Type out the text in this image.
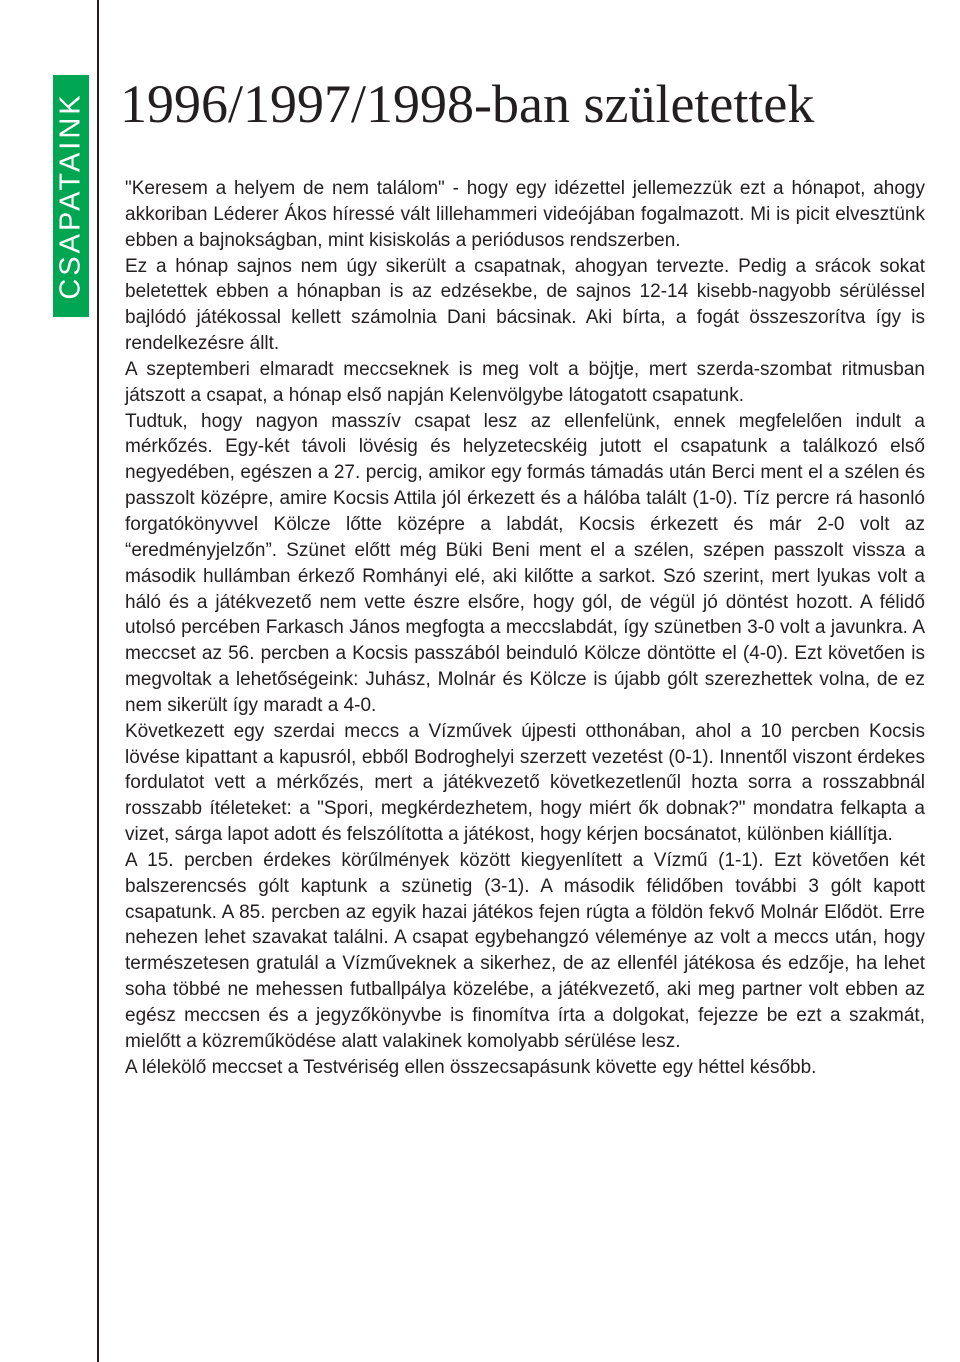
CSAPATAINK 1996/1997/1998-ban születettek

"Keresem a helyem de nem találom" - hogy egy idézettel jellemezzük ezt a hónapot, ahogy akkoriban Léderer Ákos híressé vált lillehammeri videójában fogalmazott. Mi is picit elvesztünk ebben a bajnokságban, mint kisiskolás a periódusos rendszerben.

Ez a hónap sajnos nem úgy sikerült a csapatnak, ahogyan tervezte. Pedig a srácok sokat beletettek ebben a hónapban is az edzésekbe, de sajnos 12-14 kisebb-nagyobb sérüléssel bajlódó játékossal kellett számolnia Dani bácsinak. Aki bírta, a fogát összeszorítva így is rendelkezésre állt.

A szeptemberi elmaradt meccseknek is meg volt a böjtje, mert szerda-szombat ritmusban játszott a csapat, a hónap első napján Kelenvölgybe látogatott csapatunk.

Tudtuk, hogy nagyon masszív csapat lesz az ellenfelünk, ennek megfelelően indult a mérkőzés. Egy-két távoli lövésig és helyzetecskéig jutott el csapatunk a találkozó első negyedében, egészen a 27. percig, amikor egy formás támadás után Berci ment el a szélen és passzolt középre, amire Kocsis Attila jól érkezett és a hálóba talált (1-0). Tíz percre rá hasonló forgatókönyvvel Kölcze lőtte középre a labdát, Kocsis érkezett és már 2-0 volt az “eredményjelzőn”. Szünet előtt még Büki Beni ment el a szélen, szépen passzolt vissza a második hullámban érkező Romhányi elé, aki kilőtte a sarkot. Szó szerint, mert lyukas volt a háló és a játékvezető nem vette észre elsőre, hogy gól, de végül jó döntést hozott. A félidő utolsó percében Farkasch János megfogta a meccslabdát, így szünetben 3-0 volt a javunkra. A meccset az 56. percben a Kocsis passzából beinduló Kölcze döntötte el (4-0). Ezt követően is megvoltak a lehetőségeink: Juhász, Molnár és Kölcze is újabb gólt szerezhettek volna, de ez nem sikerült így maradt a 4-0.

Következett egy szerdai meccs a Vízművek újpesti otthonában, ahol a 10 percben Kocsis lövése kipattant a kapusról, ebből Bodroghelyi szerzett vezetést (0-1). Innentől viszont érdekes fordulatot vett a mérkőzés, mert a játékvezető következetlenűl hozta sorra a rosszabbnál rosszabb ítéleteket: a "Spori, megkérdezhetem, hogy miért ők dobnak?" mondatra felkapta a vizet, sárga lapot adott és felszólította a játékost, hogy kérjen bocsánatot, különben kiállítja.

A 15. percben érdekes körűlmények között kiegyenlített a Vízmű (1-1). Ezt követően két balszerencsés gólt kaptunk a szünetig (3-1). A második félidőben további 3 gólt kapott csapatunk. A 85. percben az egyik hazai játékos fejen rúgta a földön fekvő Molnár Elődöt. Erre nehezen lehet szavakat találni. A csapat egybehangzó véleménye az volt a meccs után, hogy természetesen gratulál a Vízműveknek a sikerhez, de az ellenfél játékosa és edzője, ha lehet soha többé ne mehessen futballpálya közelébe, a játékvezető, aki meg partner volt ebben az egész meccsen és a jegyzőkönyvbe is finomítva írta a dolgokat, fejezze be ezt a szakmát, mielőtt a közreműködése alatt valakinek komolyabb sérülése lesz.

A lélekölő meccset a Testvériség ellen összecsapásunk követte egy héttel később.
